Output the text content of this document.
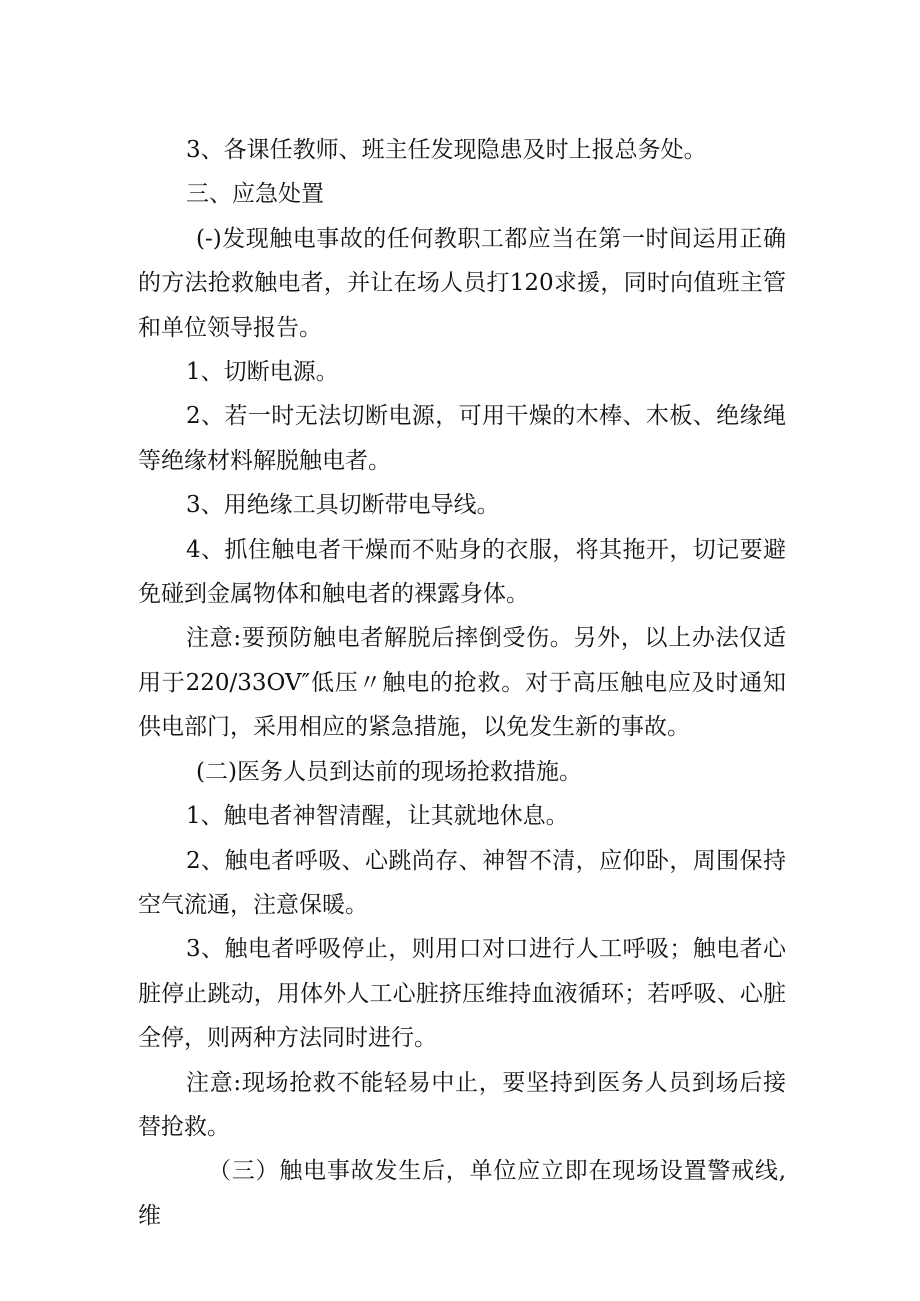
3、各课任教师、班主任发现隐患及时上报总务处。

三、应急处置

(-)发现触电事故的任何教职工都应当在第一时间运用正确的方法抢救触电者，并让在场人员打120求援，同时向值班主管和单位领导报告。

1、切断电源。

2、若一时无法切断电源，可用干燥的木棒、木板、绝缘绳等绝缘材料解脱触电者。

3、用绝缘工具切断带电导线。

4、抓住触电者干燥而不贴身的衣服，将其拖开，切记要避免碰到金属物体和触电者的裸露身体。

注意:要预防触电者解脱后摔倒受伤。另外，以上办法仅适用于220/33OV″低压〃触电的抢救。对于高压触电应及时通知供电部门，采用相应的紧急措施，以免发生新的事故。

(二)医务人员到达前的现场抢救措施。

1、触电者神智清醒，让其就地休息。

2、触电者呼吸、心跳尚存、神智不清，应仰卧，周围保持空气流通，注意保暖。

3、触电者呼吸停止，则用口对口进行人工呼吸；触电者心脏停止跳动，用体外人工心脏挤压维持血液循环；若呼吸、心脏全停，则两种方法同时进行。

注意:现场抢救不能轻易中止，要坚持到医务人员到场后接替抢救。

（三）触电事故发生后，单位应立即在现场设置警戒线,维
